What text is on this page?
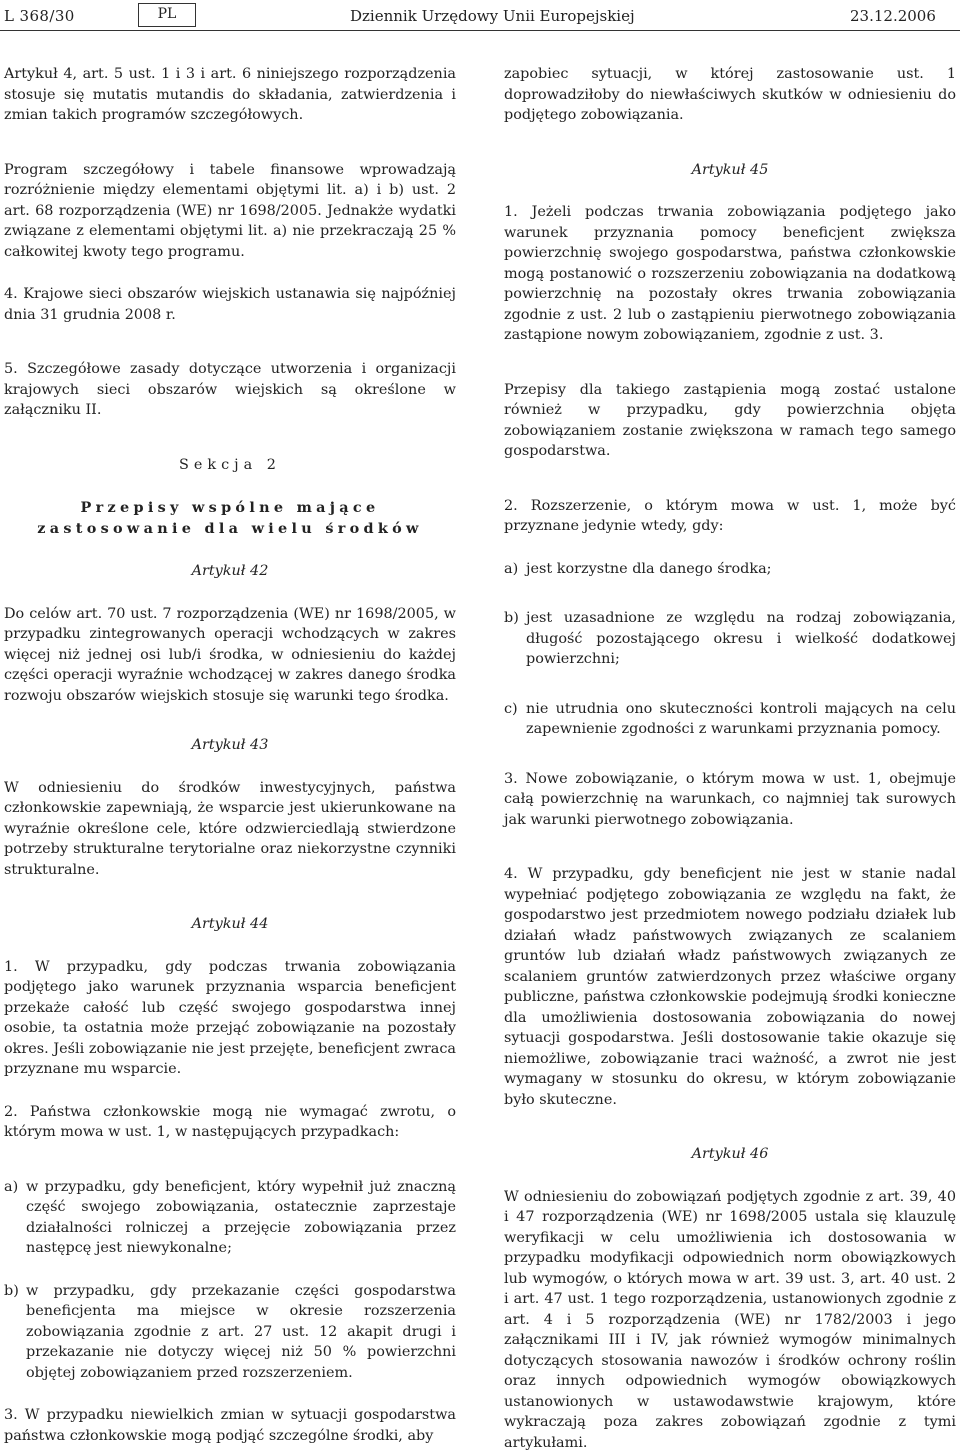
L 368/30	PL	Dziennik Urzędowy Unii Europejskiej	23.12.2006

Artykuł 4, art. 5 ust. 1 i 3 i art. 6 niniejszego rozporządzenia stosuje się mutatis mutandis do składania, zatwierdzenia i zmian takich programów szczegółowych.

Program szczegółowy i tabele finansowe wprowadzają rozróżnienie między elementami objętymi lit. a) i b) ust. 2 art. 68 rozporządzenia (WE) nr 1698/2005. Jednakże wydatki związane z elementami objętymi lit. a) nie przekraczają 25 % całkowitej kwoty tego programu.

4. Krajowe sieci obszarów wiejskich ustanawia się najpóźniej dnia 31 grudnia 2008 r.

5. Szczegółowe zasady dotyczące utworzenia i organizacji krajowych sieci obszarów wiejskich są określone w załączniku II.

Sekcja 2

Przepisy wspólne mające zastosowanie dla wielu środków

Artykuł 42

Do celów art. 70 ust. 7 rozporządzenia (WE) nr 1698/2005, w przypadku zintegrowanych operacji wchodzących w zakres więcej niż jednej osi lub/i środka, w odniesieniu do każdej części operacji wyraźnie wchodzącej w zakres danego środka rozwoju obszarów wiejskich stosuje się warunki tego środka.

Artykuł 43

W odniesieniu do środków inwestycyjnych, państwa członkowskie zapewniają, że wsparcie jest ukierunkowane na wyraźnie określone cele, które odzwierciedlają stwierdzone potrzeby strukturalne terytorialne oraz niekorzystne czynniki strukturalne.

Artykuł 44

1. W przypadku, gdy podczas trwania zobowiązania podjętego jako warunek przyznania wsparcia beneficjent przekaże całość lub część swojego gospodarstwa innej osobie, ta ostatnia może przejąć zobowiązanie na pozostały okres. Jeśli zobowiązanie nie jest przejęte, beneficjent zwraca przyznane mu wsparcie.

2. Państwa członkowskie mogą nie wymagać zwrotu, o którym mowa w ust. 1, w następujących przypadkach:

a) w przypadku, gdy beneficjent, który wypełnił już znaczną część swojego zobowiązania, ostatecznie zaprzestaje działalności rolniczej a przejęcie zobowiązania przez następcę jest niewykonalne;
b) w przypadku, gdy przekazanie części gospodarstwa beneficjenta ma miejsce w okresie rozszerzenia zobowiązania zgodnie z art. 27 ust. 12 akapit drugi i przekazanie nie dotyczy więcej niż 50 % powierzchni objętej zobowiązaniem przed rozszerzeniem.

3. W przypadku niewielkich zmian w sytuacji gospodarstwa państwa członkowskie mogą podjąć szczególne środki, aby

zapobiec sytuacji, w której zastosowanie ust. 1 doprowadziłoby do niewłaściwych skutków w odniesieniu do podjętego zobowiązania.

Artykuł 45

1. Jeżeli podczas trwania zobowiązania podjętego jako warunek przyznania pomocy beneficjent zwiększa powierzchnię swojego gospodarstwa, państwa członkowskie mogą postanowić o rozszerzeniu zobowiązania na dodatkową powierzchnię na pozostały okres trwania zobowiązania zgodnie z ust. 2 lub o zastąpieniu pierwotnego zobowiązania zastąpione nowym zobowiązaniem, zgodnie z ust. 3.

Przepisy dla takiego zastąpienia mogą zostać ustalone również w przypadku, gdy powierzchnia objęta zobowiązaniem zostanie zwiększona w ramach tego samego gospodarstwa.

2. Rozszerzenie, o którym mowa w ust. 1, może być przyznane jedynie wtedy, gdy:

a) jest korzystne dla danego środka;
b) jest uzasadnione ze względu na rodzaj zobowiązania, długość pozostającego okresu i wielkość dodatkowej powierzchni;
c) nie utrudnia ono skuteczności kontroli mających na celu zapewnienie zgodności z warunkami przyznania pomocy.

3. Nowe zobowiązanie, o którym mowa w ust. 1, obejmuje całą powierzchnię na warunkach, co najmniej tak surowych jak warunki pierwotnego zobowiązania.

4. W przypadku, gdy beneficjent nie jest w stanie nadal wypełniać podjętego zobowiązania ze względu na fakt, że gospodarstwo jest przedmiotem nowego podziału działek lub działań władz państwowych związanych ze scalaniem gruntów lub działań władz państwowych związanych ze scalaniem gruntów zatwierdzonych przez właściwe organy publiczne, państwa członkowskie podejmują środki konieczne dla umożliwienia dostosowania zobowiązania do nowej sytuacji gospodarstwa. Jeśli dostosowanie takie okazuje się niemożliwe, zobowiązanie traci ważność, a zwrot nie jest wymagany w stosunku do okresu, w którym zobowiązanie było skuteczne.

Artykuł 46

W odniesieniu do zobowiązań podjętych zgodnie z art. 39, 40 i 47 rozporządzenia (WE) nr 1698/2005 ustala się klauzulę weryfikacji w celu umożliwienia ich dostosowania w przypadku modyfikacji odpowiednich norm obowiązkowych lub wymogów, o których mowa w art. 39 ust. 3, art. 40 ust. 2 i art. 47 ust. 1 tego rozporządzenia, ustanowionych zgodnie z art. 4 i 5 rozporządzenia (WE) nr 1782/2003 i jego załącznikami III i IV, jak również wymogów minimalnych dotyczących stosowania nawozów i środków ochrony roślin oraz innych odpowiednich wymogów obowiązkowych ustanowionych w ustawodawstwie krajowym, które wykraczają poza zakres zobowiązań zgodnie z tymi artykułami.
